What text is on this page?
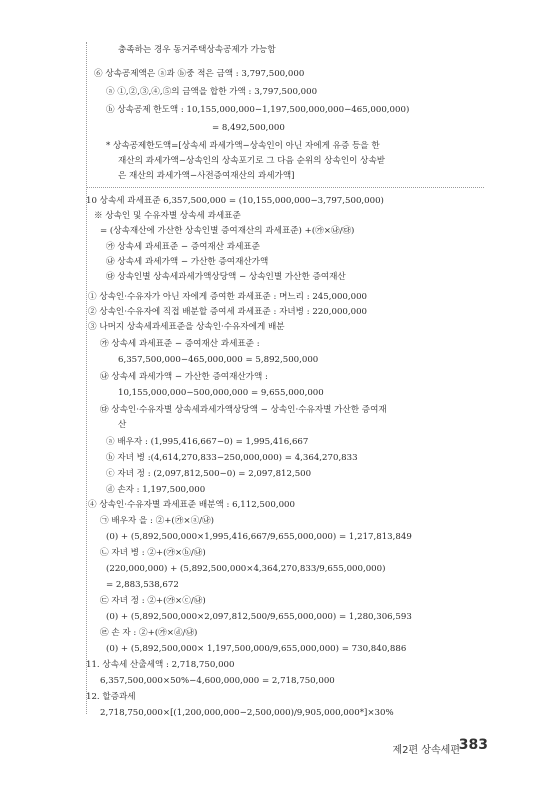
충족하는 경우 동거주택상속공제가 가능함
⑥ 상속공제액은 ⓐ과 ⓑ중 적은 금액 : 3,797,500,000
ⓐ ①,②,③,④,⑤의 금액을 합한 가액 : 3,797,500,000
ⓑ 상속공제 한도액 : 10,155,000,000−1,197,500,000,000−465,000,000)
= 8,492,500,000
* 상속공제한도액=[상속세 과세가액−상속인이 아닌 자에게 유증 등을 한
재산의 과세가액−상속인의 상속포기로 그 다음 순위의 상속인이 상속받
은 재산의 과세가액−사전증여재산의 과세가액]
10 상속세 과세표준 6,357,500,000 = (10,155,000,000−3,797,500,000)
※ 상속인 및 수유자별 상속세 과세표준
= (상속재산에 가산한 상속인별 증여재산의 과세표준) +(㉮×㉯/㉰)
㉮ 상속세 과세표준 − 증여재산 과세표준
㉯ 상속세 과세가액 − 가산한 증여재산가액
㉰ 상속인별 상속세과세가액상당액 − 상속인별 가산한 증여재산
① 상속인·수유자가 아닌 자에게 증여한 과세표준 : 며느리 : 245,000,000
② 상속인·수유자에 직접 배분할 증여세 과세표준 : 자녀병 : 220,000,000
③ 나머지 상속세과세표준을 상속인·수유자에게 배분
㉮ 상속세 과세표준 − 증여재산 과세표준 :
6,357,500,000−465,000,000 = 5,892,500,000
㉯ 상속세 과세가액 − 가산한 증여재산가액 :
10,155,000,000−500,000,000 = 9,655,000,000
㉰ 상속인·수유자별 상속세과세가액상당액 − 상속인·수유자별 가산한 증여재
산
ⓐ 배우자 : (1,995,416,667−0) = 1,995,416,667
ⓑ 자녀 병 :(4,614,270,833−250,000,000) = 4,364,270,833
ⓒ 자녀 정 : (2,097,812,500−0) = 2,097,812,500
ⓓ 손자 : 1,197,500,000
④ 상속인·수유자별 과세표준 배분액 : 6,112,500,000
㉠ 배우자 을 : ②+(㉮×ⓐ/㉯)
(0) + (5,892,500,000×1,995,416,667/9,655,000,000) = 1,217,813,849
㉡ 자녀 병 : ②+(㉮×ⓑ/㉯)
(220,000,000) + (5,892,500,000×4,364,270,833/9,655,000,000)
= 2,883,538,672
㉢ 자녀 정 : ②+(㉮×ⓒ/㉯)
(0) + (5,892,500,000×2,097,812,500/9,655,000,000) = 1,280,306,593
㉣ 손 자 : ②+(㉮×ⓓ/㉯)
(0) + (5,892,500,000× 1,197,500,000/9,655,000,000) = 730,840,886
11. 상속세 산출세액 : 2,718,750,000
6,357,500,000×50%−4,600,000,000 = 2,718,750,000
12. 할증과세
2,718,750,000×[(1,200,000,000−2,500,000)/9,905,000,000*]×30%
제2편 상속세편
383
